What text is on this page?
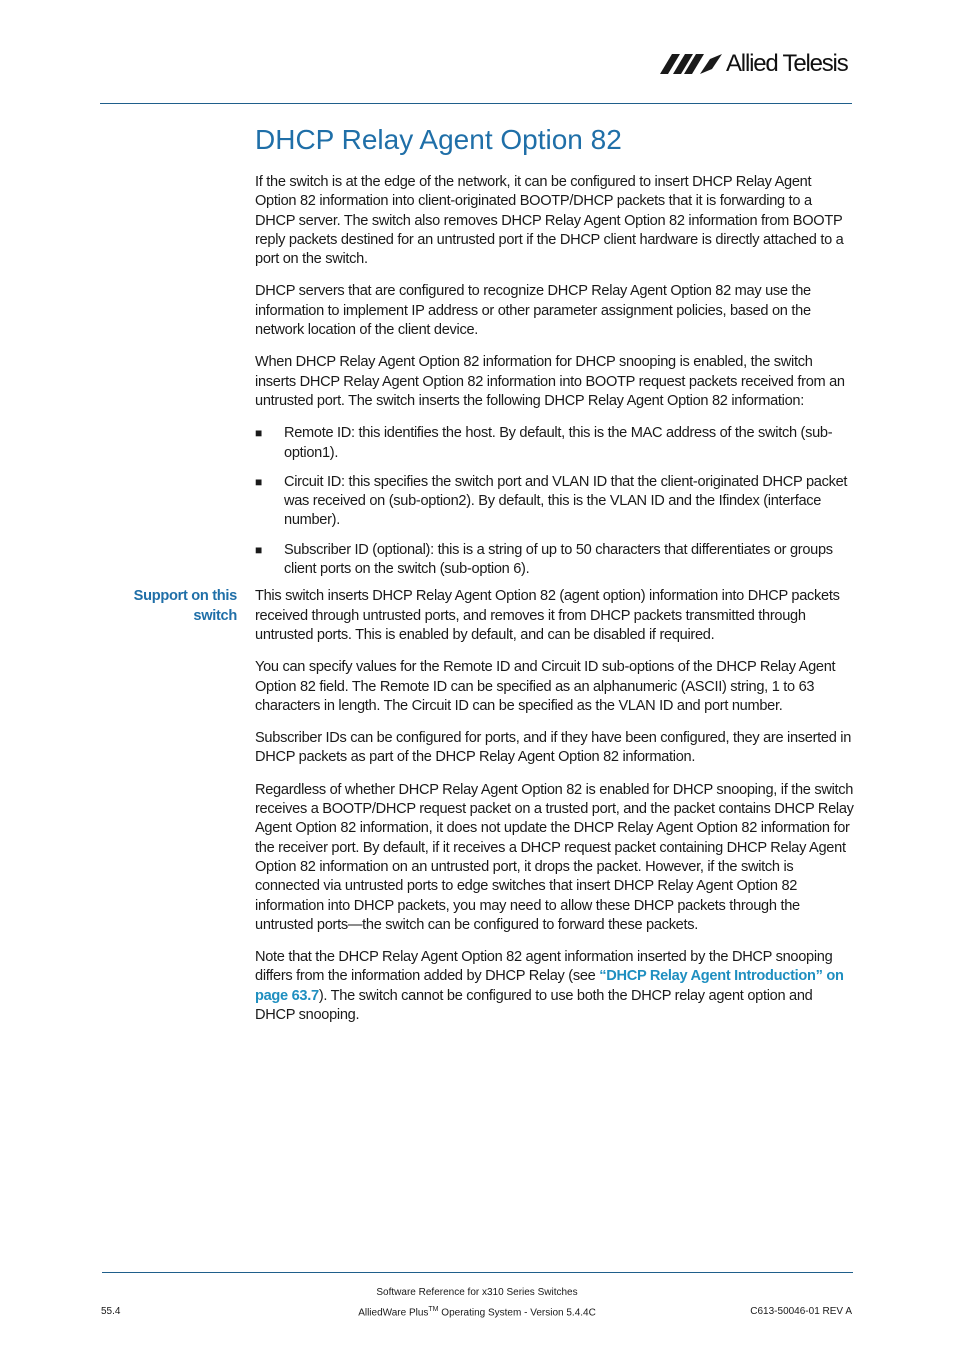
Allied Telesis
DHCP Relay Agent Option 82

If the switch is at the edge of the network, it can be configured to insert DHCP Relay Agent Option 82 information into client-originated BOOTP/DHCP packets that it is forwarding to a DHCP server. The switch also removes DHCP Relay Agent Option 82 information from BOOTP reply packets destined for an untrusted port if the DHCP client hardware is directly attached to a port on the switch.

DHCP servers that are configured to recognize DHCP Relay Agent Option 82 may use the information to implement IP address or other parameter assignment policies, based on the network location of the client device.

When DHCP Relay Agent Option 82 information for DHCP snooping is enabled, the switch inserts DHCP Relay Agent Option 82 information into BOOTP request packets received from an untrusted port. The switch inserts the following DHCP Relay Agent Option 82 information:

■ Remote ID: this identifies the host. By default, this is the MAC address of the switch (sub-option1).
■ Circuit ID: this specifies the switch port and VLAN ID that the client-originated DHCP packet was received on (sub-option2). By default, this is the VLAN ID and the Ifindex (interface number).
■ Subscriber ID (optional): this is a string of up to 50 characters that differentiates or groups client ports on the switch (sub-option 6).
Support on this
switch

This switch inserts DHCP Relay Agent Option 82 (agent option) information into DHCP packets received through untrusted ports, and removes it from DHCP packets transmitted through untrusted ports. This is enabled by default, and can be disabled if required.

You can specify values for the Remote ID and Circuit ID sub-options of the DHCP Relay Agent Option 82 field. The Remote ID can be specified as an alphanumeric (ASCII) string, 1 to 63 characters in length. The Circuit ID can be specified as the VLAN ID and port number.

Subscriber IDs can be configured for ports, and if they have been configured, they are inserted in DHCP packets as part of the DHCP Relay Agent Option 82 information.

Regardless of whether DHCP Relay Agent Option 82 is enabled for DHCP snooping, if the switch receives a BOOTP/DHCP request packet on a trusted port, and the packet contains DHCP Relay Agent Option 82 information, it does not update the DHCP Relay Agent Option 82 information for the receiver port. By default, if it receives a DHCP request packet containing DHCP Relay Agent Option 82 information on an untrusted port, it drops the packet. However, if the switch is connected via untrusted ports to edge switches that insert DHCP Relay Agent Option 82 information into DHCP packets, you may need to allow these DHCP packets through the untrusted ports—the switch can be configured to forward these packets.

Note that the DHCP Relay Agent Option 82 agent information inserted by the DHCP snooping differs from the information added by DHCP Relay (see “DHCP Relay Agent Introduction” on page 63.7). The switch cannot be configured to use both the DHCP relay agent option and DHCP snooping.

Software Reference for x310 Series Switches
55.4	AlliedWare Plus™ Operating System - Version 5.4.4C	C613-50046-01 REV A
